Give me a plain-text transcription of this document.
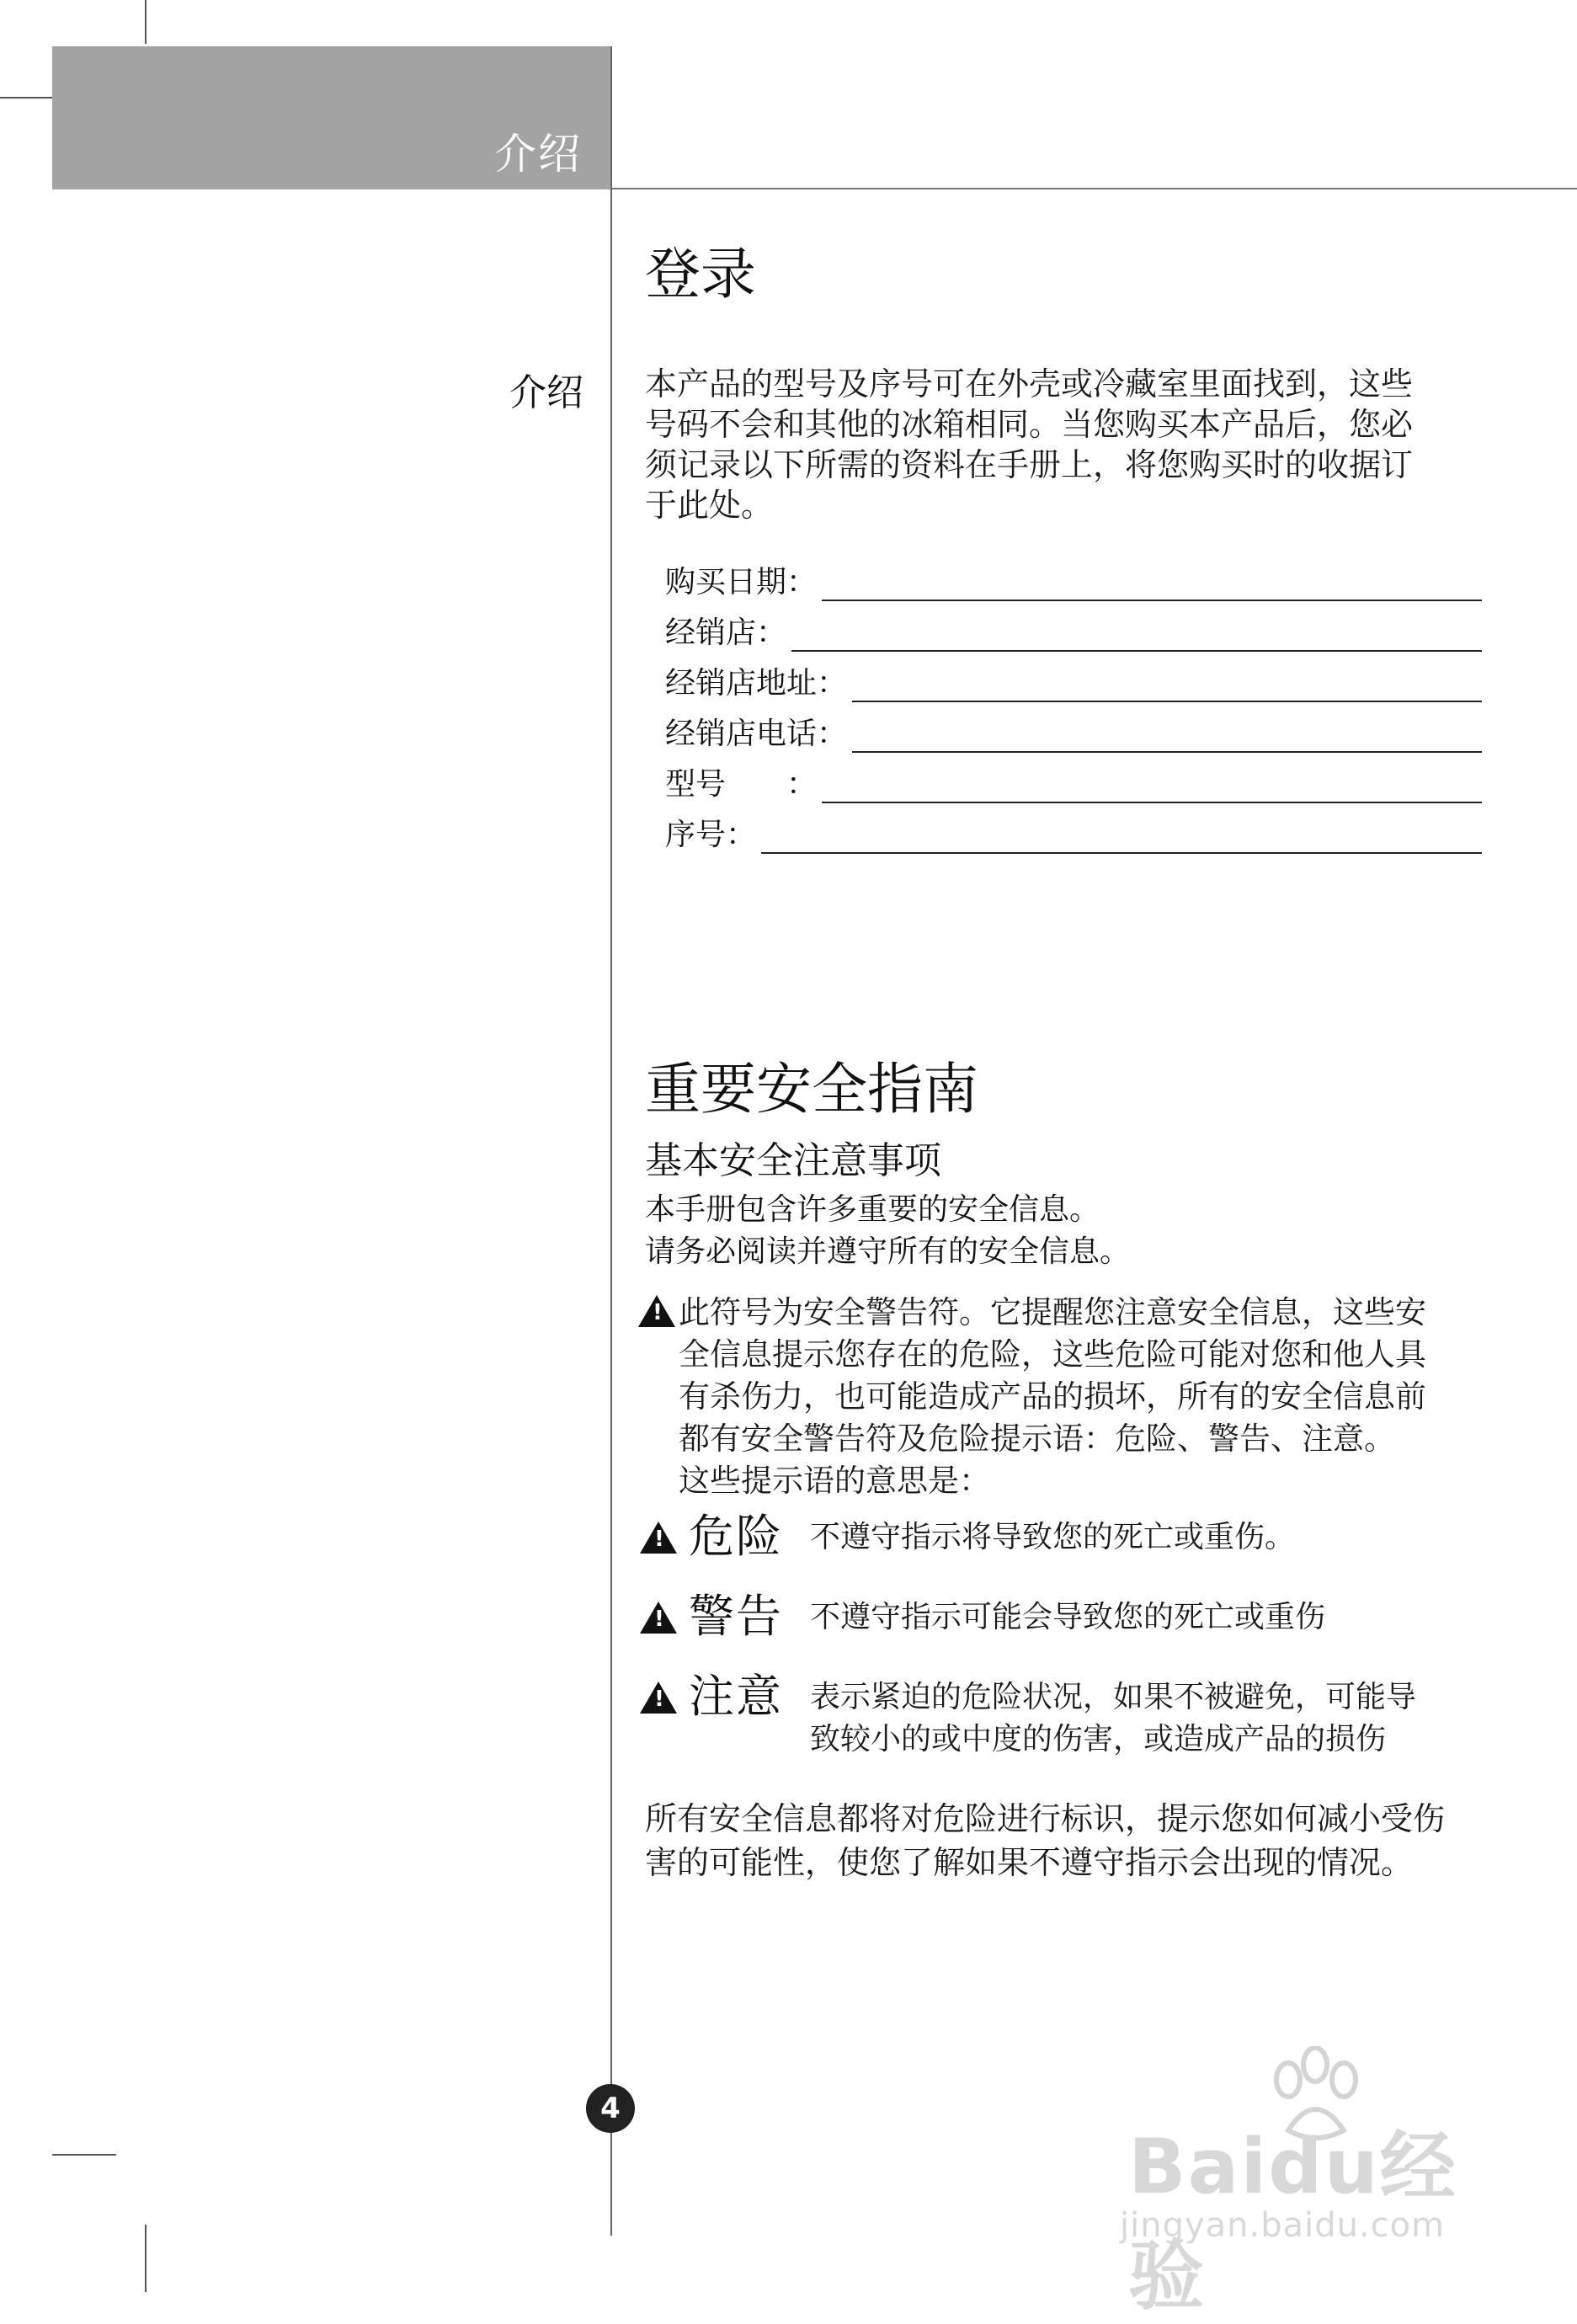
介绍
登录
介绍 本产品的型号及序号可在外壳或冷藏室里面找到，这些
号码不会和其他的冰箱相同。当您购买本产品后，您必
须记录以下所需的资料在手册上，将您购买时的收据订
于此处。
购买日期：
经销店：
经销店地址：
经销店电话：
型号　　：
序号：
重要安全指南
基本安全注意事项
本手册包含许多重要的安全信息。
请务必阅读并遵守所有的安全信息。
!
此符号为安全警告符。它提醒您注意安全信息，这些安
全信息提示您存在的危险，这些危险可能对您和他人具
有杀伤力，也可能造成产品的损坏，所有的安全信息前
都有安全警告符及危险提示语：危险、警告、注意。
这些提示语的意思是：
!
危险 不遵守指示将导致您的死亡或重伤。
!
警告 不遵守指示可能会导致您的死亡或重伤
!
注意 表示紧迫的危险状况，如果不被避免，可能导
致较小的或中度的伤害，或造成产品的损伤
所有安全信息都将对危险进行标识，提示您如何减小受伤
害的可能性，使您了解如果不遵守指示会出现的情况。
4
Baidu经验
jingyan.baidu.com
